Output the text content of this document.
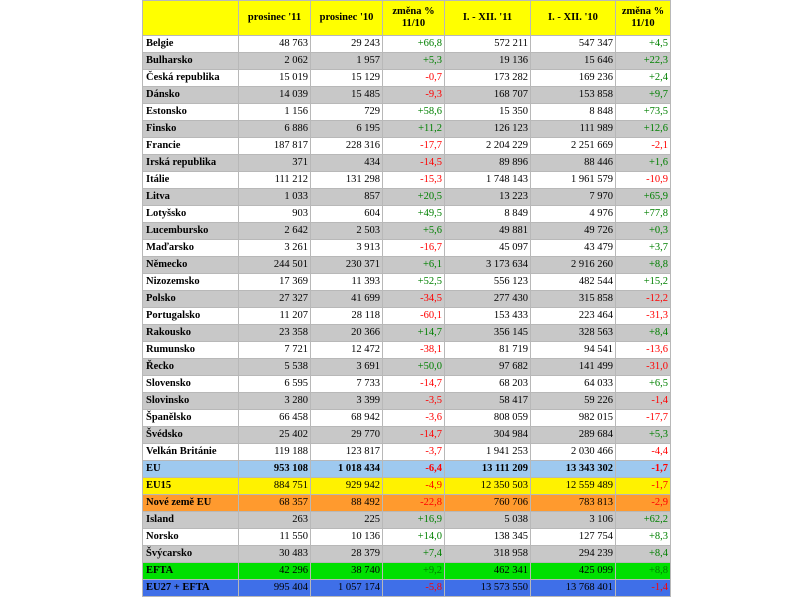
	prosinec '11	prosinec '10	změna % 11/10	I. - XII. '11	I. - XII. '10	změna % 11/10
Belgie	48 763	29 243	+66,8	572 211	547 347	+4,5
Bulharsko	2 062	1 957	+5,3	19 136	15 646	+22,3
Česká republika	15 019	15 129	-0,7	173 282	169 236	+2,4
Dánsko	14 039	15 485	-9,3	168 707	153 858	+9,7
Estonsko	1 156	729	+58,6	15 350	8 848	+73,5
Finsko	6 886	6 195	+11,2	126 123	111 989	+12,6
Francie	187 817	228 316	-17,7	2 204 229	2 251 669	-2,1
Irská republika	371	434	-14,5	89 896	88 446	+1,6
Itálie	111 212	131 298	-15,3	1 748 143	1 961 579	-10,9
Litva	1 033	857	+20,5	13 223	7 970	+65,9
Lotyšsko	903	604	+49,5	8 849	4 976	+77,8
Lucembursko	2 642	2 503	+5,6	49 881	49 726	+0,3
Maďarsko	3 261	3 913	-16,7	45 097	43 479	+3,7
Německo	244 501	230 371	+6,1	3 173 634	2 916 260	+8,8
Nizozemsko	17 369	11 393	+52,5	556 123	482 544	+15,2
Polsko	27 327	41 699	-34,5	277 430	315 858	-12,2
Portugalsko	11 207	28 118	-60,1	153 433	223 464	-31,3
Rakousko	23 358	20 366	+14,7	356 145	328 563	+8,4
Rumunsko	7 721	12 472	-38,1	81 719	94 541	-13,6
Řecko	5 538	3 691	+50,0	97 682	141 499	-31,0
Slovensko	6 595	7 733	-14,7	68 203	64 033	+6,5
Slovinsko	3 280	3 399	-3,5	58 417	59 226	-1,4
Španělsko	66 458	68 942	-3,6	808 059	982 015	-17,7
Švédsko	25 402	29 770	-14,7	304 984	289 684	+5,3
Velkán Británie	119 188	123 817	-3,7	1 941 253	2 030 466	-4,4
EU	953 108	1 018 434	-6,4	13 111 209	13 343 302	-1,7
EU15	884 751	929 942	-4,9	12 350 503	12 559 489	-1,7
Nové země EU	68 357	88 492	-22,8	760 706	783 813	-2,9
Island	263	225	+16,9	5 038	3 106	+62,2
Norsko	11 550	10 136	+14,0	138 345	127 754	+8,3
Švýcarsko	30 483	28 379	+7,4	318 958	294 239	+8,4
EFTA	42 296	38 740	+9,2	462 341	425 099	+8,8
EU27 + EFTA	995 404	1 057 174	-5,8	13 573 550	13 768 401	-1,4
